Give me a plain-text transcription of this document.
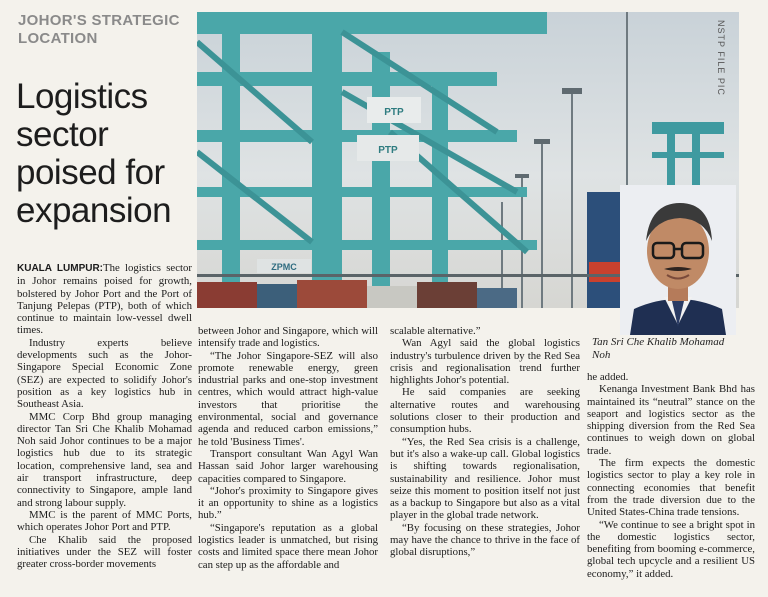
JOHOR'S STRATEGIC LOCATION
Logistics sector poised for expansion
PTP
PTP
ZPMC
NSTP FILE PIC
Tan Sri Che Khalib Mohamad Noh

KUALA LUMPUR:The logistics sector in Johor remains poised for growth, bolstered by Johor Port and the Port of Tanjung Pelepas (PTP), both of which continue to maintain low-vessel dwell times.

Industry experts believe developments such as the Johor-Singapore Special Economic Zone (SEZ) are expected to solidify Johor's position as a key logistics hub in Southeast Asia.

MMC Corp Bhd group managing director Tan Sri Che Khalib Mohamad Noh said Johor continues to be a major logistics hub due to its strategic location, comprehensive land, sea and air transport infrastructure, deep connectivity to Singapore, ample land and strong labour supply.

MMC is the parent of MMC Ports, which operates Johor Port and PTP.

Che Khalib said the proposed initiatives under the SEZ will foster greater cross-border movements

between Johor and Singapore, which will intensify trade and logistics.

“The Johor Singapore-SEZ will also promote renewable energy, green industrial parks and one-stop investment centres, which would attract high-value investors that prioritise the environmental, social and governance agenda and reduced carbon emissions,” he told 'Business Times'.

Transport consultant Wan Agyl Wan Hassan said Johor larger warehousing capacities compared to Singapore.

“Johor's proximity to Singapore gives it an opportunity to shine as a logistics hub.”

“Singapore's reputation as a global logistics leader is unmatched, but rising costs and limited space there mean Johor can step up as the affordable and

scalable alternative.”

Wan Agyl said the global logistics industry's turbulence driven by the Red Sea crisis and regionalisation trend further highlights Johor's potential.

He said companies are seeking alternative routes and warehousing solutions closer to their production and consumption hubs.

“Yes, the Red Sea crisis is a challenge, but it's also a wake-up call. Global logistics is shifting towards regionalisation, sustainability and resilience. Johor must seize this moment to position itself not just as a backup to Singapore but also as a vital player in the global trade network.

“By focusing on these strategies, Johor may have the chance to thrive in the face of global disruptions,”

he added.

Kenanga Investment Bank Bhd has maintained its “neutral” stance on the seaport and logistics sector as the shipping diversion from the Red Sea continues to weigh down on global trade.

The firm expects the domestic logistics sector to play a key role in connecting economies that benefit from the trade diversion due to the United States-China trade tensions.

“We continue to see a bright spot in the domestic logistics sector, benefiting from booming e-commerce, global tech upcycle and a resilient US economy,” it added.
